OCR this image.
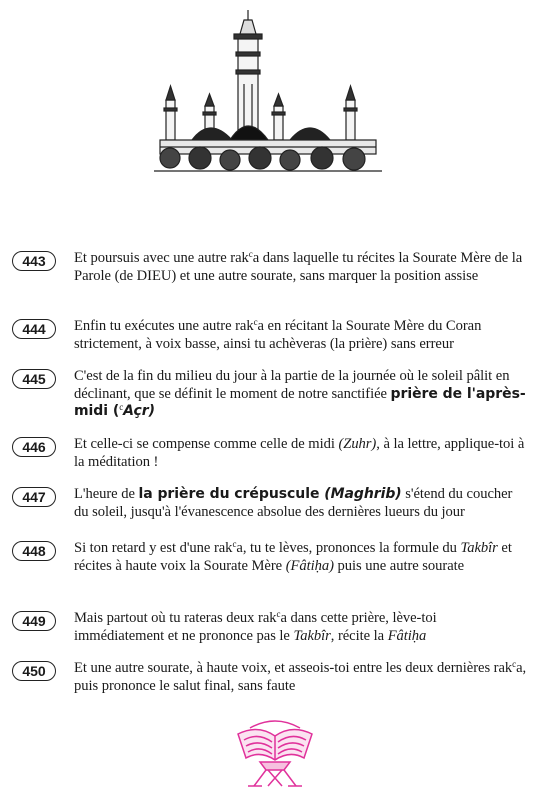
443	Et poursuis avec une autre rak$^c$a dans laquelle tu récites la Sourate Mère de la Parole (de DIEU) et une autre sourate, sans marquer la position assise
444	Enfin tu exécutes une autre rak$^c$a en récitant la Sourate Mère du Coran strictement, à voix basse, ainsi tu achèveras (la prière) sans erreur
445	C'est de la fin du milieu du jour à la partie de la journée où le soleil pâlit en déclinant, que se définit le moment de notre sanctifiée prière de l'après-midi ($^c$Açr)
446	Et celle-ci se compense comme celle de midi (Zuhr), à la lettre, applique-toi à la méditation !
447	L'heure de la prière du crépuscule (Maghrib) s'étend du coucher du soleil, jusqu'à l'évanescence absolue des dernières lueurs du jour
448	Si ton retard y est d'une rak$^c$a, tu te lèves, prononces la formule du Takbîr et récites à haute voix la Sourate Mère (Fâtiḥa) puis une autre sourate
449	Mais partout où tu rateras deux rak$^c$a dans cette prière, lève-toi immédiatement et ne prononce pas le Takbîr, récite la Fâtiḥa
450	Et une autre sourate, à haute voix, et asseois-toi entre les deux dernières rak$^c$a, puis prononce le salut final, sans faute
